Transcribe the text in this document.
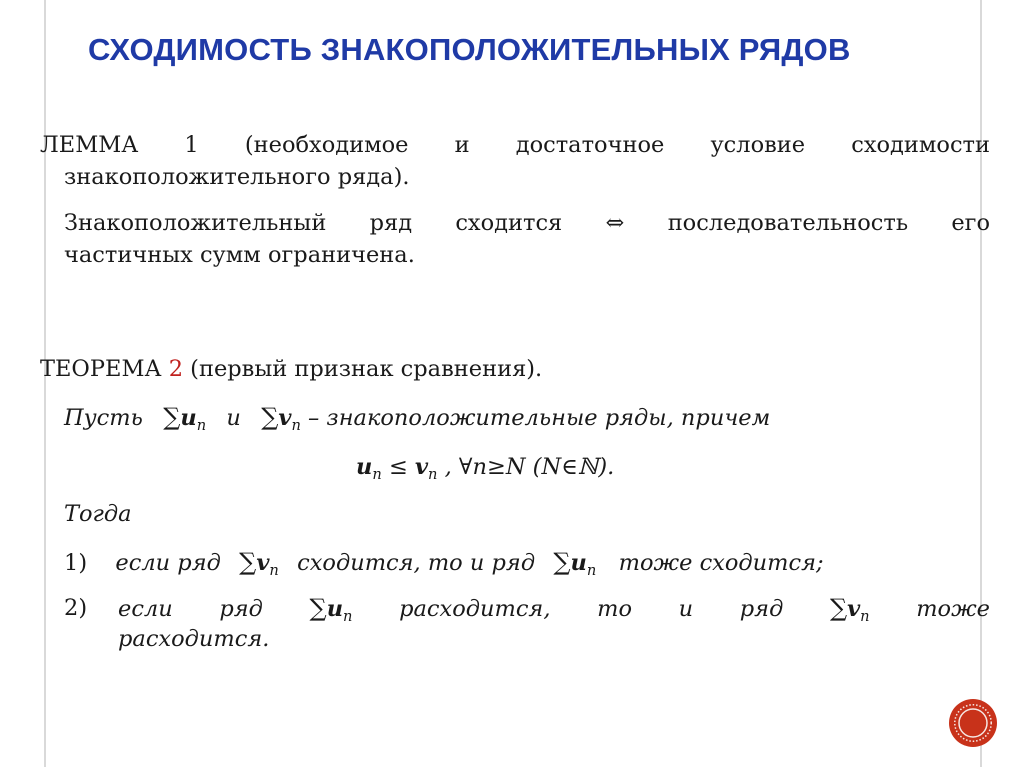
СХОДИМОСТЬ ЗНАКОПОЛОЖИТЕЛЬНЫХ РЯДОВ
ЛЕММА 1 (необходимое и достаточное условие сходимости
знакоположительного ряда).
Знакоположительный ряд сходится ⇔ последовательность его
частичных сумм ограничена.
ТЕОРЕМА 2 (первый признак сравнения).
Пусть $\sum u_n$ и $\sum v_n$ – знакоположительные ряды, причем
$u_n \le v_n$ , ∀n≥N (N∈ℕ).
Тогда
1) если ряд $\sum v_n$ сходится, то и ряд $\sum u_n$ тоже сходится;
2) если ряд $\sum u_n$ расходится, то и ряд $\sum v_n$ тоже
расходится.
